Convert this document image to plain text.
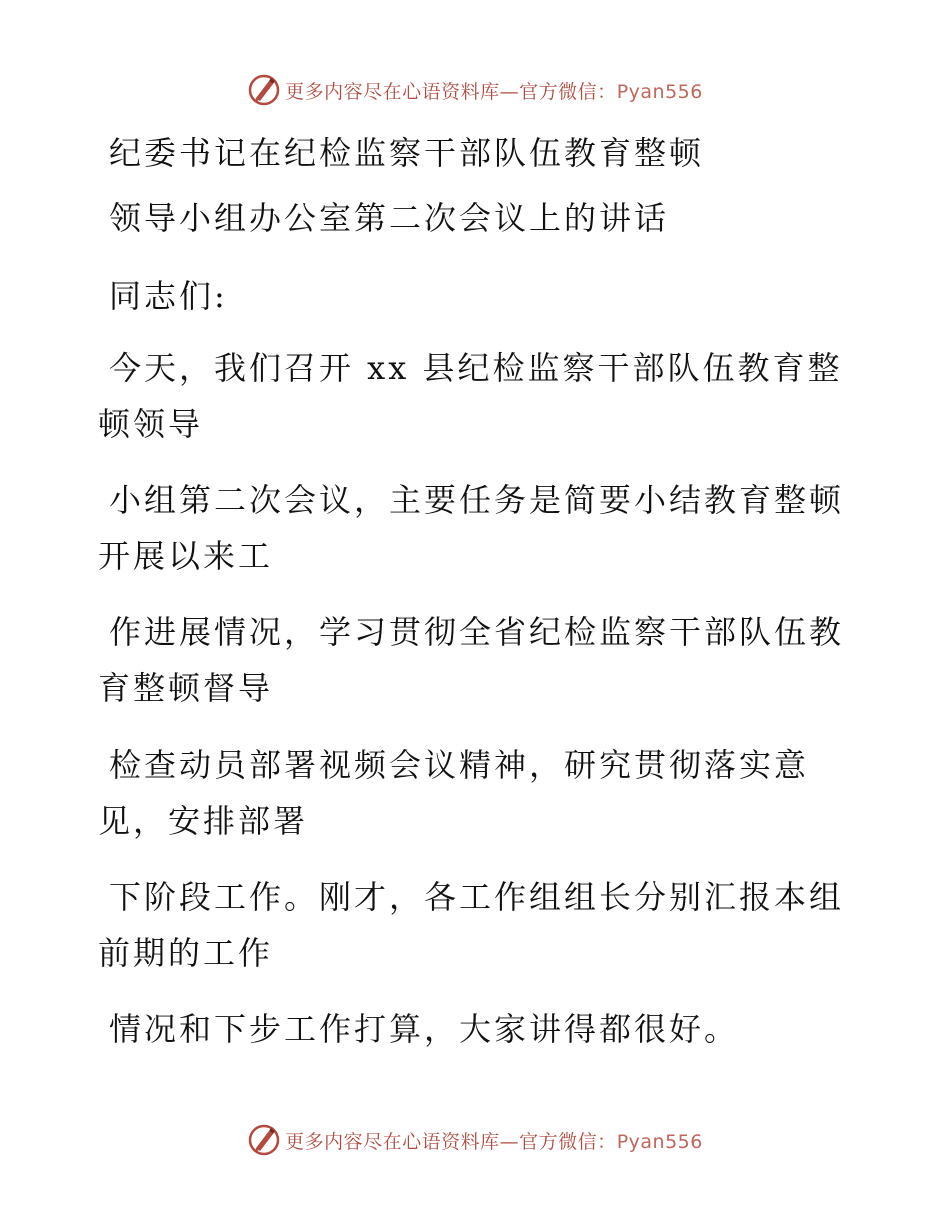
更多内容尽在心语资料库—官方微信：Pyan556

纪委书记在纪检监察干部队伍教育整顿

领导小组办公室第二次会议上的讲话

同志们:

今天，我们召开 xx 县纪检监察干部队伍教育整

顿领导

小组第二次会议，主要任务是简要小结教育整顿

开展以来工

作进展情况，学习贯彻全省纪检监察干部队伍教

育整顿督导

检查动员部署视频会议精神，研究贯彻落实意

见，安排部署

下阶段工作。刚才，各工作组组长分别汇报本组

前期的工作

情况和下步工作打算，大家讲得都很好。

更多内容尽在心语资料库—官方微信：Pyan556
